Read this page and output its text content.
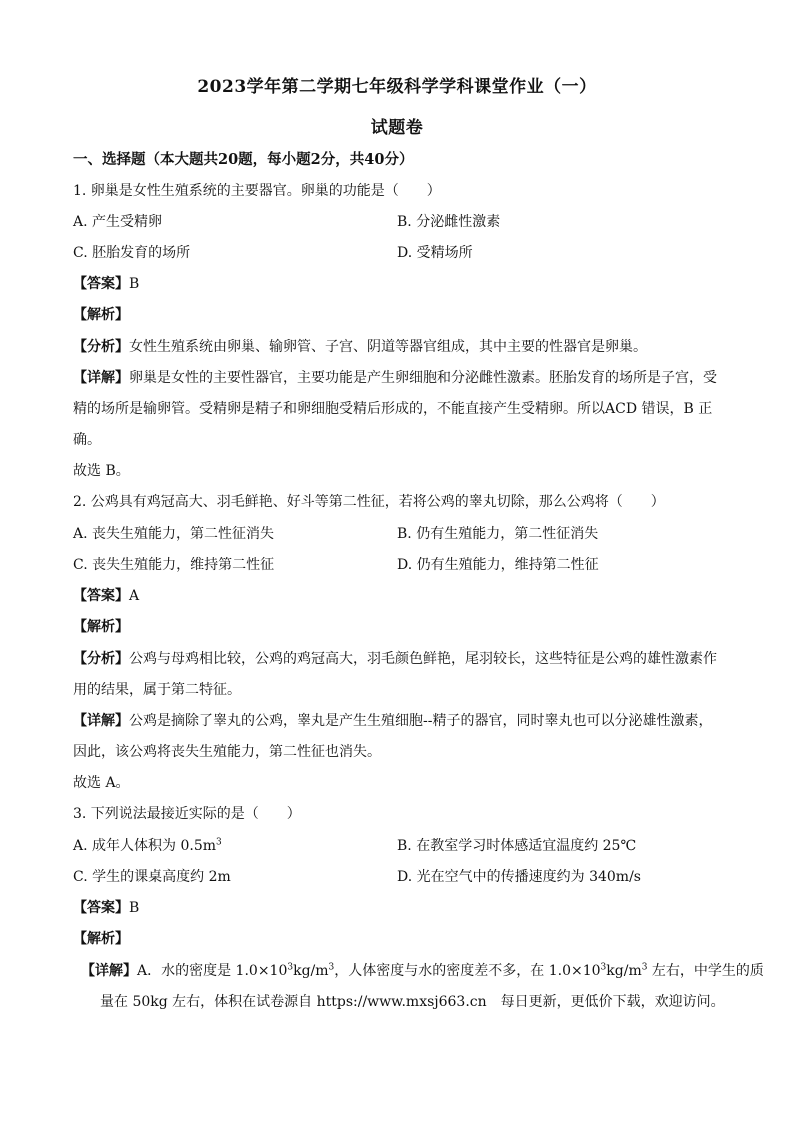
2023学年第二学期七年级科学学科课堂作业（一）
试题卷
一、选择题（本大题共20题，每小题2分，共40分）
1. 卵巢是女性生殖系统的主要器官。卵巢的功能是（　　）
A. 产生受精卵	B. 分泌雌性激素
C. 胚胎发育的场所	D. 受精场所
【答案】B
【解析】
【分析】女性生殖系统由卵巢、输卵管、子宫、阴道等器官组成，其中主要的性器官是卵巢。
【详解】卵巢是女性的主要性器官，主要功能是产生卵细胞和分泌雌性激素。胚胎发育的场所是子宫，受
精的场所是输卵管。受精卵是精子和卵细胞受精后形成的，不能直接产生受精卵。所以ACD 错误，B 正
确。
故选 B。
2. 公鸡具有鸡冠高大、羽毛鲜艳、好斗等第二性征，若将公鸡的睾丸切除，那么公鸡将（　　）
A. 丧失生殖能力，第二性征消失	B. 仍有生殖能力，第二性征消失
C. 丧失生殖能力，维持第二性征	D. 仍有生殖能力，维持第二性征
【答案】A
【解析】
【分析】公鸡与母鸡相比较，公鸡的鸡冠高大，羽毛颜色鲜艳，尾羽较长，这些特征是公鸡的雄性激素作
用的结果，属于第二特征。
【详解】公鸡是摘除了睾丸的公鸡，睾丸是产生生殖细胞--精子的器官，同时睾丸也可以分泌雄性激素，
因此，该公鸡将丧失生殖能力，第二性征也消失。
故选 A。
3. 下列说法最接近实际的是（　　）
A. 成年人体积为 $0.5m^3$	B. 在教室学习时体感适宜温度约 25℃
C. 学生的课桌高度约 2m	D. 光在空气中的传播速度约为 340m/s
【答案】B
【解析】
【详解】A．水的密度是 $1.0\times 10^3kg/m^3$，人体密度与水的密度差不多，在 $1.0\times 10^3kg/m^3$ 左右，中学生的质
量在 50kg 左右，体积在试卷源自 https://www.mxsj663.cn　每日更新，更低价下载，欢迎访问。
